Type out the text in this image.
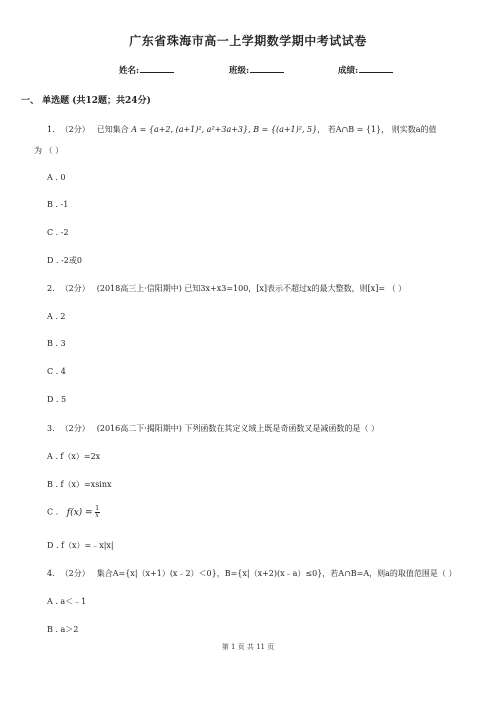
广东省珠海市高一上学期数学期中考试试卷
姓名:	班级:	成绩:
一、 单选题 (共12题；共24分)
1. （2分） 已知集合 A = {a+2, (a+1)², a²+3a+3}, B = {(a+1)², 5}， 若A∩B = {1}， 则实数a的值
为 （ ）
A . 0
B . -1
C . -2
D . -2或0
2. （2分） (2018高三上·信阳期中) 已知3x+x3=100，[x]表示不超过x的最大整数，则[x]= （ ）
A . 2
B . 3
C . 4
D . 5
3. （2分） (2016高二下·揭阳期中) 下列函数在其定义域上既是奇函数又是减函数的是（ ）
A . f（x）=2x
B . f（x）=xsinx
C . $f(x) = \frac{1}{x}$
D . f（x）=﹣x|x|
4. （2分） 集合A={x|（x+1）(x﹣2）＜0}，B={x|（x+2)(x﹣a）≤0}，若A∩B=A，则a的取值范围是（ ）
A . a＜﹣1
B . a＞2
第 1 页 共 11 页
